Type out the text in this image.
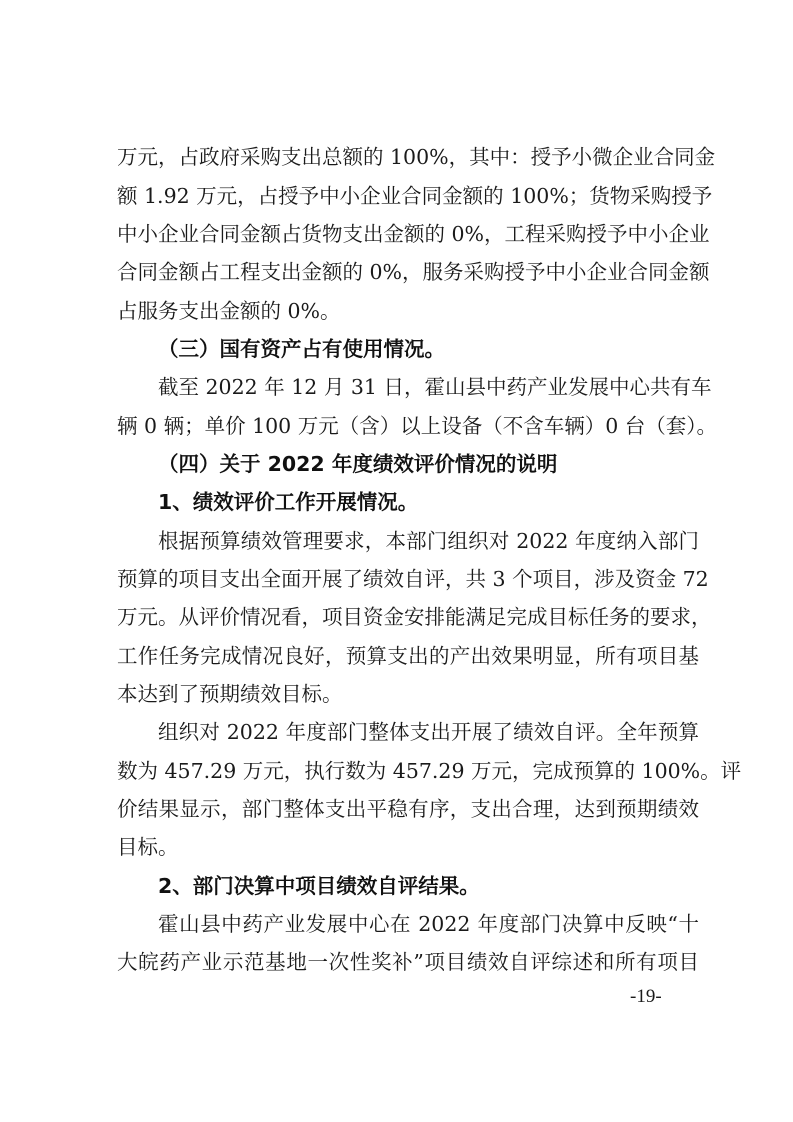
万元，占政府采购支出总额的 100%，其中：授予小微企业合同金
额 1.92 万元，占授予中小企业合同金额的 100%；货物采购授予
中小企业合同金额占货物支出金额的 0%，工程采购授予中小企业
合同金额占工程支出金额的 0%，服务采购授予中小企业合同金额
占服务支出金额的 0%。
（三）国有资产占有使用情况。
截至 2022 年 12 月 31 日，霍山县中药产业发展中心共有车
辆 0 辆；单价 100 万元（含）以上设备（不含车辆）0 台（套）。
（四）关于 2022 年度绩效评价情况的说明
1、绩效评价工作开展情况。
根据预算绩效管理要求，本部门组织对 2022 年度纳入部门
预算的项目支出全面开展了绩效自评，共 3 个项目，涉及资金 72
万元。从评价情况看，项目资金安排能满足完成目标任务的要求，
工作任务完成情况良好，预算支出的产出效果明显，所有项目基
本达到了预期绩效目标。
组织对 2022 年度部门整体支出开展了绩效自评。全年预算
数为 457.29 万元，执行数为 457.29 万元，完成预算的 100%。评
价结果显示，部门整体支出平稳有序，支出合理，达到预期绩效
目标。
2、部门决算中项目绩效自评结果。
霍山县中药产业发展中心在 2022 年度部门决算中反映“十
大皖药产业示范基地一次性奖补”项目绩效自评综述和所有项目
-19-
